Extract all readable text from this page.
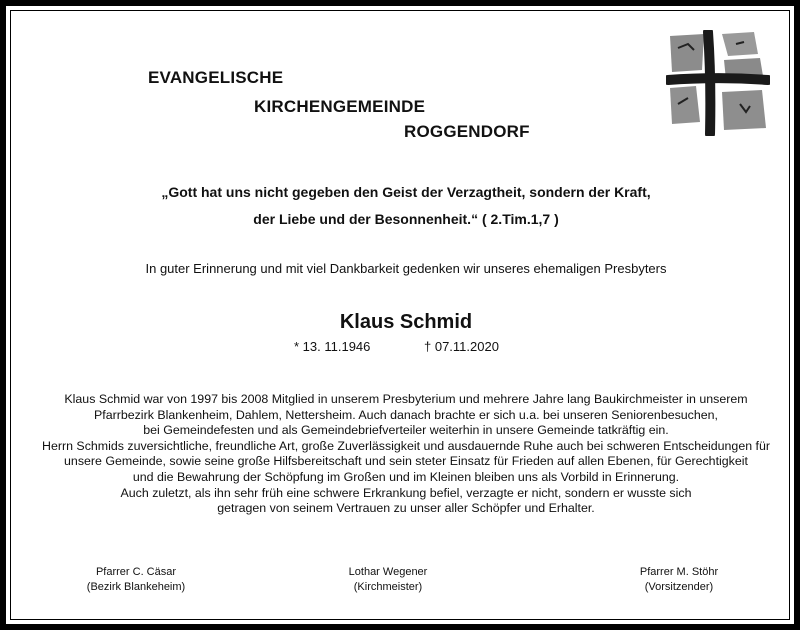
EVANGELISCHE
KIRCHENGEMEINDE
ROGGENDORF
„Gott hat uns nicht gegeben den Geist der Verzagtheit, sondern der Kraft,
der Liebe und der Besonnenheit.“ ( 2.Tim.1,7 )
In guter Erinnerung und mit viel Dankbarkeit gedenken wir unseres ehemaligen Presbyters
Klaus Schmid
* 13. 11.1946	† 07.11.2020
Klaus Schmid war von 1997 bis 2008 Mitglied in unserem Presbyterium und mehrere Jahre lang Baukirchmeister in unserem
Pfarrbezirk Blankenheim, Dahlem, Nettersheim. Auch danach brachte er sich u.a. bei unseren Seniorenbesuchen,
bei Gemeindefesten und als Gemeindebriefverteiler weiterhin in unsere Gemeinde tatkräftig ein.
Herrn Schmids zuversichtliche, freundliche Art, große Zuverlässigkeit und ausdauernde Ruhe auch bei schweren Entscheidungen für
unsere Gemeinde, sowie seine große Hilfsbereitschaft und sein steter Einsatz für Frieden auf allen Ebenen, für Gerechtigkeit
und die Bewahrung der Schöpfung im Großen und im Kleinen bleiben uns als Vorbild in Erinnerung.
Auch zuletzt, als ihn sehr früh eine schwere Erkrankung befiel, verzagte er nicht, sondern er wusste sich
getragen von seinem Vertrauen zu unser aller Schöpfer und Erhalter.
Pfarrer C. Cäsar
(Bezirk Blankeheim)
Lothar Wegener
(Kirchmeister)
Pfarrer M. Stöhr
(Vorsitzender)
